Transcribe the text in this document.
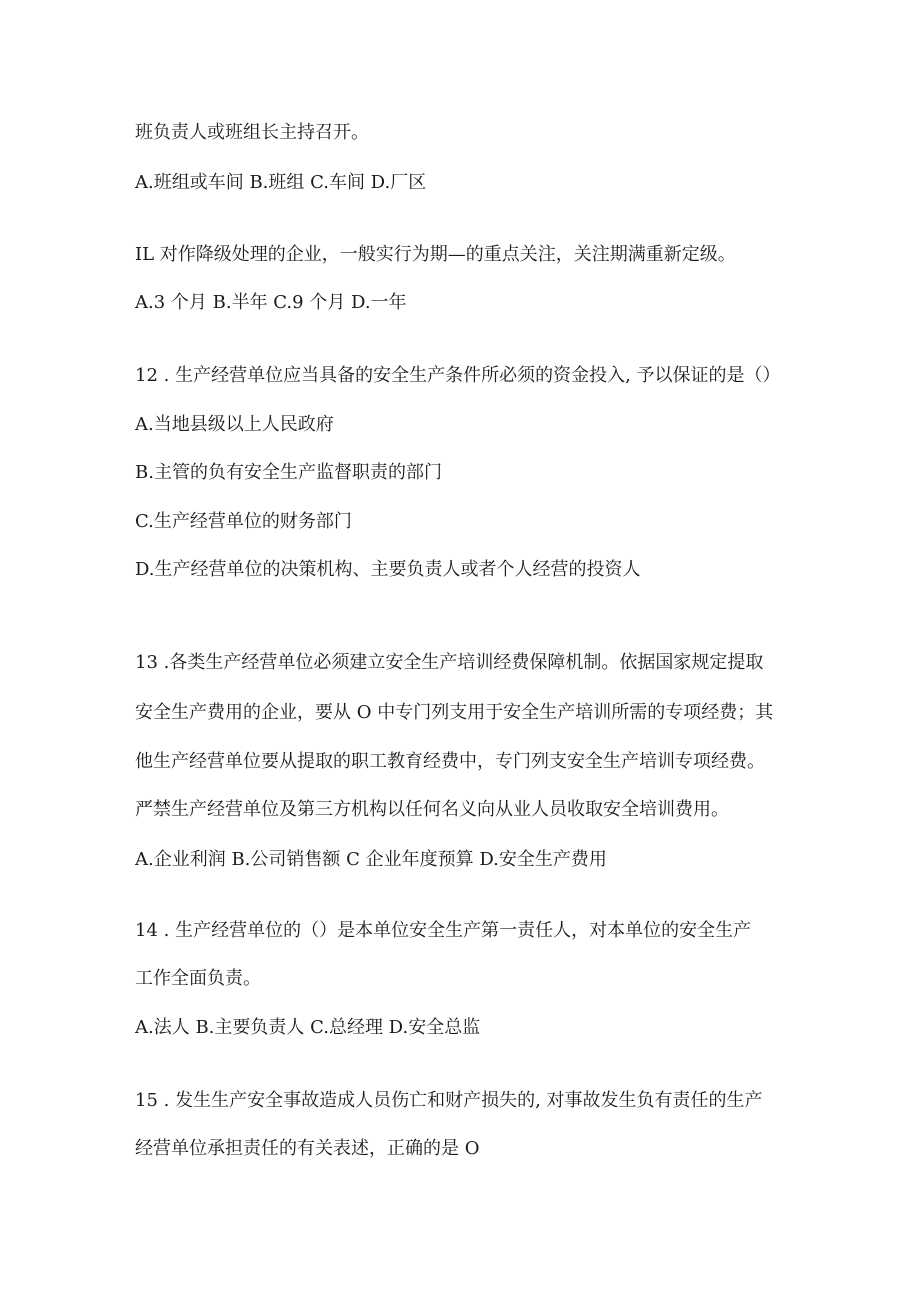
班负责人或班组长主持召开。
A.班组或车间 B.班组 C.车间 D.厂区
IL 对作降级处理的企业，一般实行为期—的重点关注，关注期满重新定级。
A.3 个月 B.半年 C.9 个月 D.一年
12 . 生产经营单位应当具备的安全生产条件所必须的资金投入, 予以保证的是（）
A.当地县级以上人民政府
B.主管的负有安全生产监督职责的部门
C.生产经营单位的财务部门
D.生产经营单位的决策机构、主要负责人或者个人经营的投资人
13 .各类生产经营单位必须建立安全生产培训经费保障机制。依据国家规定提取
安全生产费用的企业，要从 O 中专门列支用于安全生产培训所需的专项经费；其
他生产经营单位要从提取的职工教育经费中，专门列支安全生产培训专项经费。
严禁生产经营单位及第三方机构以任何名义向从业人员收取安全培训费用。
A.企业利润 B.公司销售额 C 企业年度预算 D.安全生产费用
14 . 生产经营单位的（）是本单位安全生产第一责任人，对本单位的安全生产
工作全面负责。
A.法人 B.主要负责人 C.总经理 D.安全总监
15 . 发生生产安全事故造成人员伤亡和财产损失的, 对事故发生负有责任的生产
经营单位承担责任的有关表述，正确的是 O
